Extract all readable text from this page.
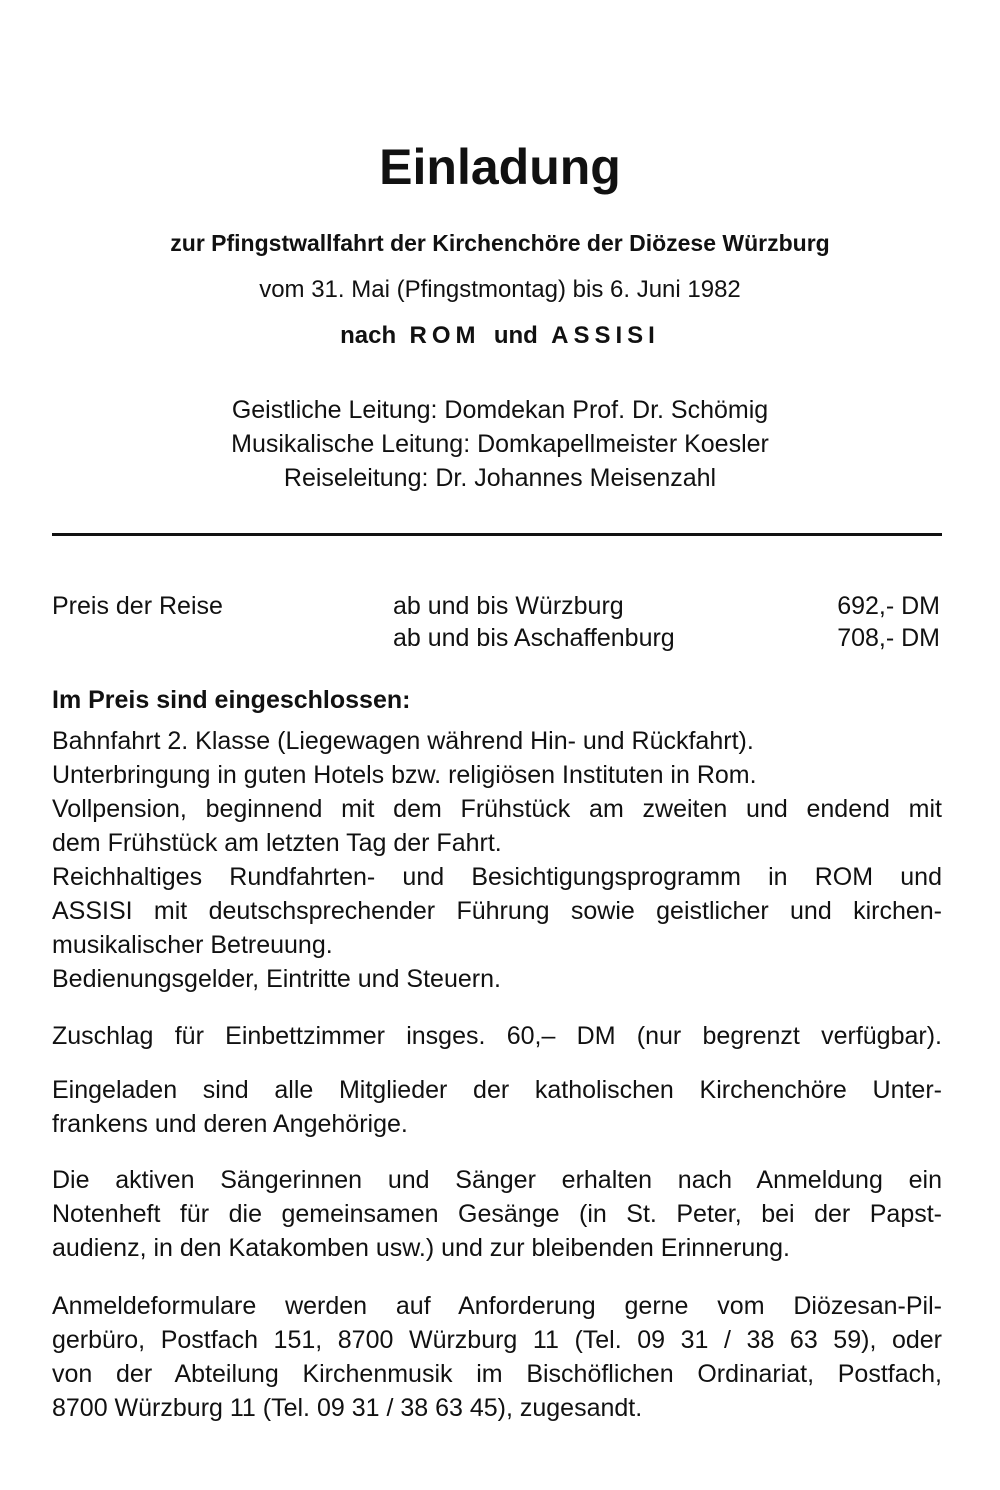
Einladung
zur Pfingstwallfahrt der Kirchenchöre der Diözese Würzburg
vom 31. Mai (Pfingstmontag) bis 6. Juni 1982
nach ROM und ASSISI
Geistliche Leitung: Domdekan Prof. Dr. Schömig
Musikalische Leitung: Domkapellmeister Koesler
Reiseleitung: Dr. Johannes Meisenzahl
Preis der Reise	ab und bis Würzburg	692,- DM
ab und bis Aschaffenburg	708,- DM
Im Preis sind eingeschlossen:
Bahnfahrt 2. Klasse (Liegewagen während Hin- und Rückfahrt).
Unterbringung in guten Hotels bzw. religiösen Instituten in Rom.
Vollpension, beginnend mit dem Frühstück am zweiten und endend mit
dem Frühstück am letzten Tag der Fahrt.
Reichhaltiges Rundfahrten- und Besichtigungsprogramm in ROM und
ASSISI mit deutschsprechender Führung sowie geistlicher und kirchen-
musikalischer Betreuung.
Bedienungsgelder, Eintritte und Steuern.
Zuschlag für Einbettzimmer insges. 60,– DM (nur begrenzt verfügbar).
Eingeladen sind alle Mitglieder der katholischen Kirchenchöre Unter-
frankens und deren Angehörige.
Die aktiven Sängerinnen und Sänger erhalten nach Anmeldung ein
Notenheft für die gemeinsamen Gesänge (in St. Peter, bei der Papst-
audienz, in den Katakomben usw.) und zur bleibenden Erinnerung.
Anmeldeformulare werden auf Anforderung gerne vom Diözesan-Pil-
gerbüro, Postfach 151, 8700 Würzburg 11 (Tel. 09 31 / 38 63 59), oder
von der Abteilung Kirchenmusik im Bischöflichen Ordinariat, Postfach,
8700 Würzburg 11 (Tel. 09 31 / 38 63 45), zugesandt.
